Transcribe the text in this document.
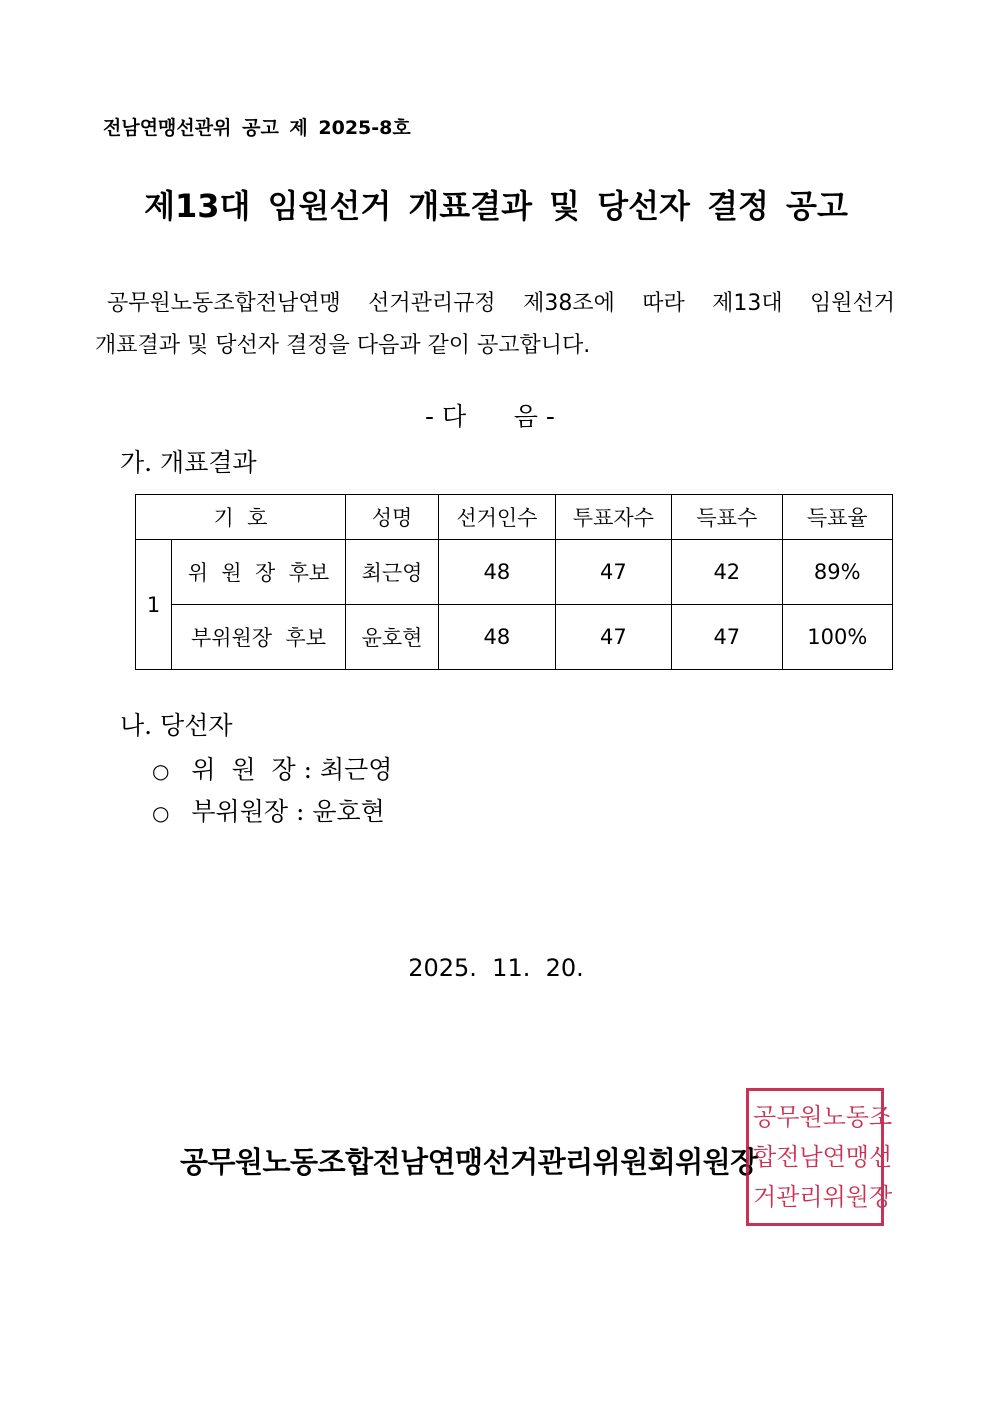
전남연맹선관위 공고 제 2025-8호
제13대 임원선거 개표결과 및 당선자 결정 공고
공무원노동조합전남연맹 선거관리규정 제38조에 따라 제13대 임원선거
개표결과 및 당선자 결정을 다음과 같이 공고합니다.
- 다      음 -
가. 개표결과
기  호		성명	선거인수	투표자수	득표수	득표율
1	위  원  장  후보	최근영	48	47	42	89%
	부위원장  후보	윤호현	48	47	47	100%
나. 당선자
○ 위  원  장 : 최근영
○ 부위원장 : 윤호현
2025.  11.  20.
공무원노동조합전남연맹선거관리위원회위원장
공 무 원 노 동 조
합 전 남 연 맹 선
거 관 리 위 원 장
